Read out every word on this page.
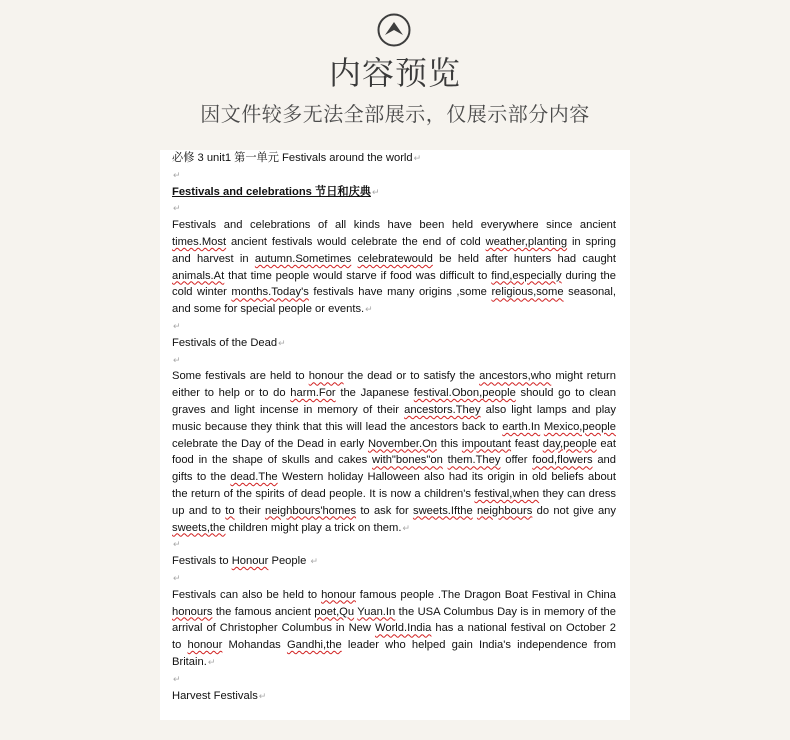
内容预览
因文件较多无法全部展示，仅展示部分内容

必修 3 unit1 第一单元 Festivals around the world↵

↵

Festivals and celebrations 节日和庆典↵

↵

Festivals and celebrations of all kinds have been held everywhere since ancient times.Most ancient festivals would celebrate the end of cold weather,planting in spring and harvest in autumn.Sometimes celebratewould be held after hunters had caught animals.At that time people would starve if food was difficult to find,especially during the cold winter months.Today's festivals have many origins ,some religious,some seasonal, and some for special people or events.↵

↵

Festivals of the Dead↵

↵

Some festivals are held to honour the dead or to satisfy the ancestors,who might return either to help or to do harm.For the Japanese festival.Obon,people should go to clean graves and light incense in memory of their ancestors.They also light lamps and play music because they think that this will lead the ancestors back to earth.In Mexico,people celebrate the Day of the Dead in early November.On this impoutant feast day,people eat food in the shape of skulls and cakes with"bones"on them.They offer food,flowers and gifts to the dead.The Western holiday Halloween also had its origin in old beliefs about the return of the spirits of dead people. It is now a children's festival,when they can dress up and to to their neighbours'homes to ask for sweets.Ifthe neighbours do not give any sweets,the children might play a trick on them.↵

↵

Festivals to Honour People ↵

↵

Festivals can also be held to honour famous people .The Dragon Boat Festival in China honours the famous ancient poet,Qu Yuan.In the USA Columbus Day is in memory of the arrival of Christopher Columbus in New World.India has a national festival on October 2 to honour Mohandas Gandhi,the leader who helped gain India's independence from Britain.↵

↵

Harvest Festivals↵
